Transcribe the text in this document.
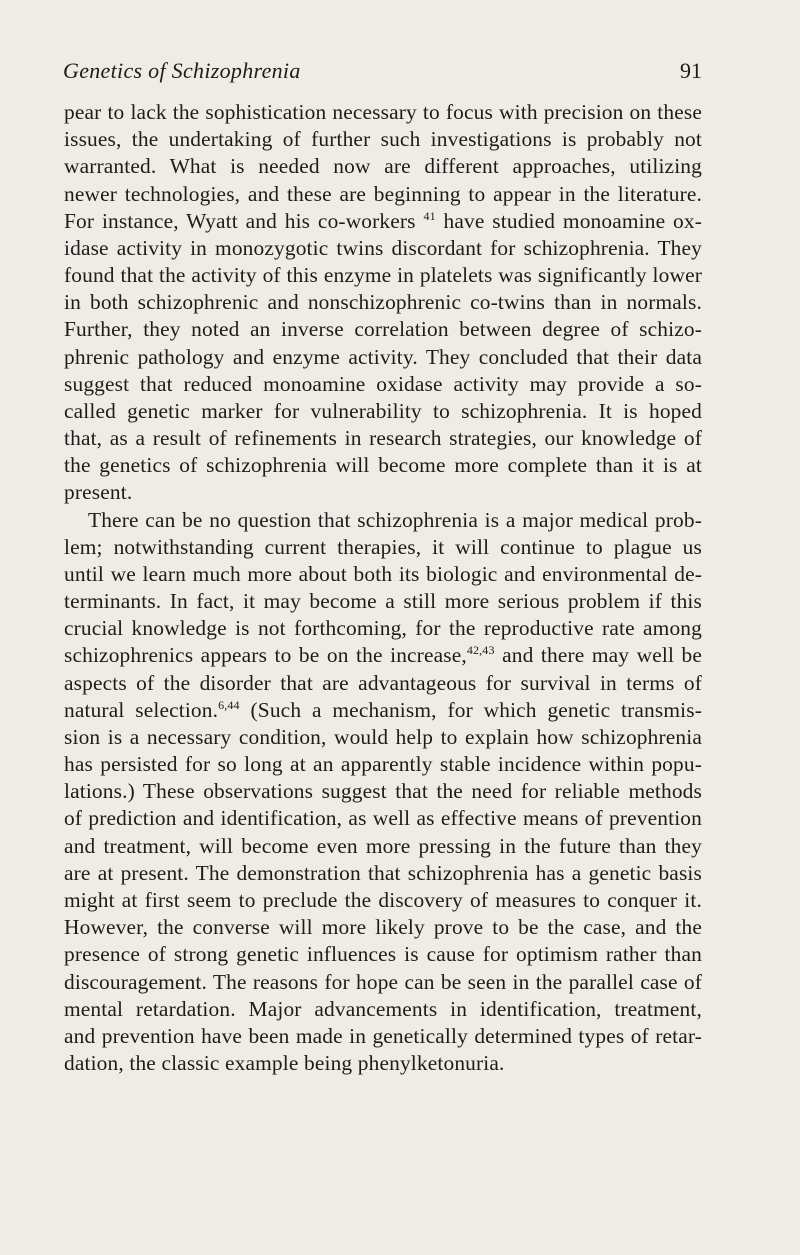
Genetics of Schizophrenia	91
pear to lack the sophistication necessary to focus with precision on these
issues, the undertaking of further such investigations is probably not
warranted. What is needed now are different approaches, utilizing
newer technologies, and these are beginning to appear in the literature.
For instance, Wyatt and his co-workers $^{41}$ have studied monoamine ox-
idase activity in monozygotic twins discordant for schizophrenia. They
found that the activity of this enzyme in platelets was significantly lower
in both schizophrenic and nonschizophrenic co-twins than in normals.
Further, they noted an inverse correlation between degree of schizo-
phrenic pathology and enzyme activity. They concluded that their data
suggest that reduced monoamine oxidase activity may provide a so-
called genetic marker for vulnerability to schizophrenia. It is hoped
that, as a result of refinements in research strategies, our knowledge of
the genetics of schizophrenia will become more complete than it is at
present.
There can be no question that schizophrenia is a major medical prob-
lem; notwithstanding current therapies, it will continue to plague us
until we learn much more about both its biologic and environmental de-
terminants. In fact, it may become a still more serious problem if this
crucial knowledge is not forthcoming, for the reproductive rate among
schizophrenics appears to be on the increase,$^{42,43}$ and there may well be
aspects of the disorder that are advantageous for survival in terms of
natural selection.$^{6,44}$ (Such a mechanism, for which genetic transmis-
sion is a necessary condition, would help to explain how schizophrenia
has persisted for so long at an apparently stable incidence within popu-
lations.) These observations suggest that the need for reliable methods
of prediction and identification, as well as effective means of prevention
and treatment, will become even more pressing in the future than they
are at present. The demonstration that schizophrenia has a genetic basis
might at first seem to preclude the discovery of measures to conquer it.
However, the converse will more likely prove to be the case, and the
presence of strong genetic influences is cause for optimism rather than
discouragement. The reasons for hope can be seen in the parallel case of
mental retardation. Major advancements in identification, treatment,
and prevention have been made in genetically determined types of retar-
dation, the classic example being phenylketonuria.
